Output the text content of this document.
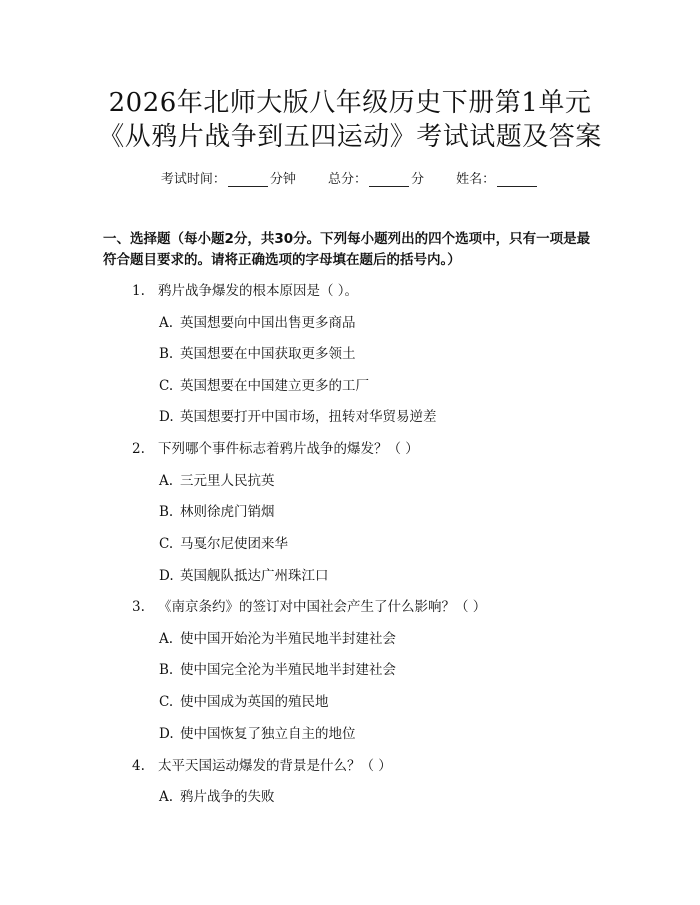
2026年北师大版八年级历史下册第1单元
《从鸦片战争到五四运动》考试试题及答案
考试时间：	分钟 总分：	分 姓名：
一、选择题（每小题2分，共30分。下列每小题列出的四个选项中，只有一项是最符合题目要求的。请将正确选项的字母填在题后的括号内。）
1. 鸦片战争爆发的根本原因是（ ）。
A. 英国想要向中国出售更多商品
B. 英国想要在中国获取更多领土
C. 英国想要在中国建立更多的工厂
D. 英国想要打开中国市场，扭转对华贸易逆差
2. 下列哪个事件标志着鸦片战争的爆发？（ ）
A. 三元里人民抗英
B. 林则徐虎门销烟
C. 马戛尔尼使团来华
D. 英国舰队抵达广州珠江口
3. 《南京条约》的签订对中国社会产生了什么影响？（ ）
A. 使中国开始沦为半殖民地半封建社会
B. 使中国完全沦为半殖民地半封建社会
C. 使中国成为英国的殖民地
D. 使中国恢复了独立自主的地位
4. 太平天国运动爆发的背景是什么？（ ）
A. 鸦片战争的失败
